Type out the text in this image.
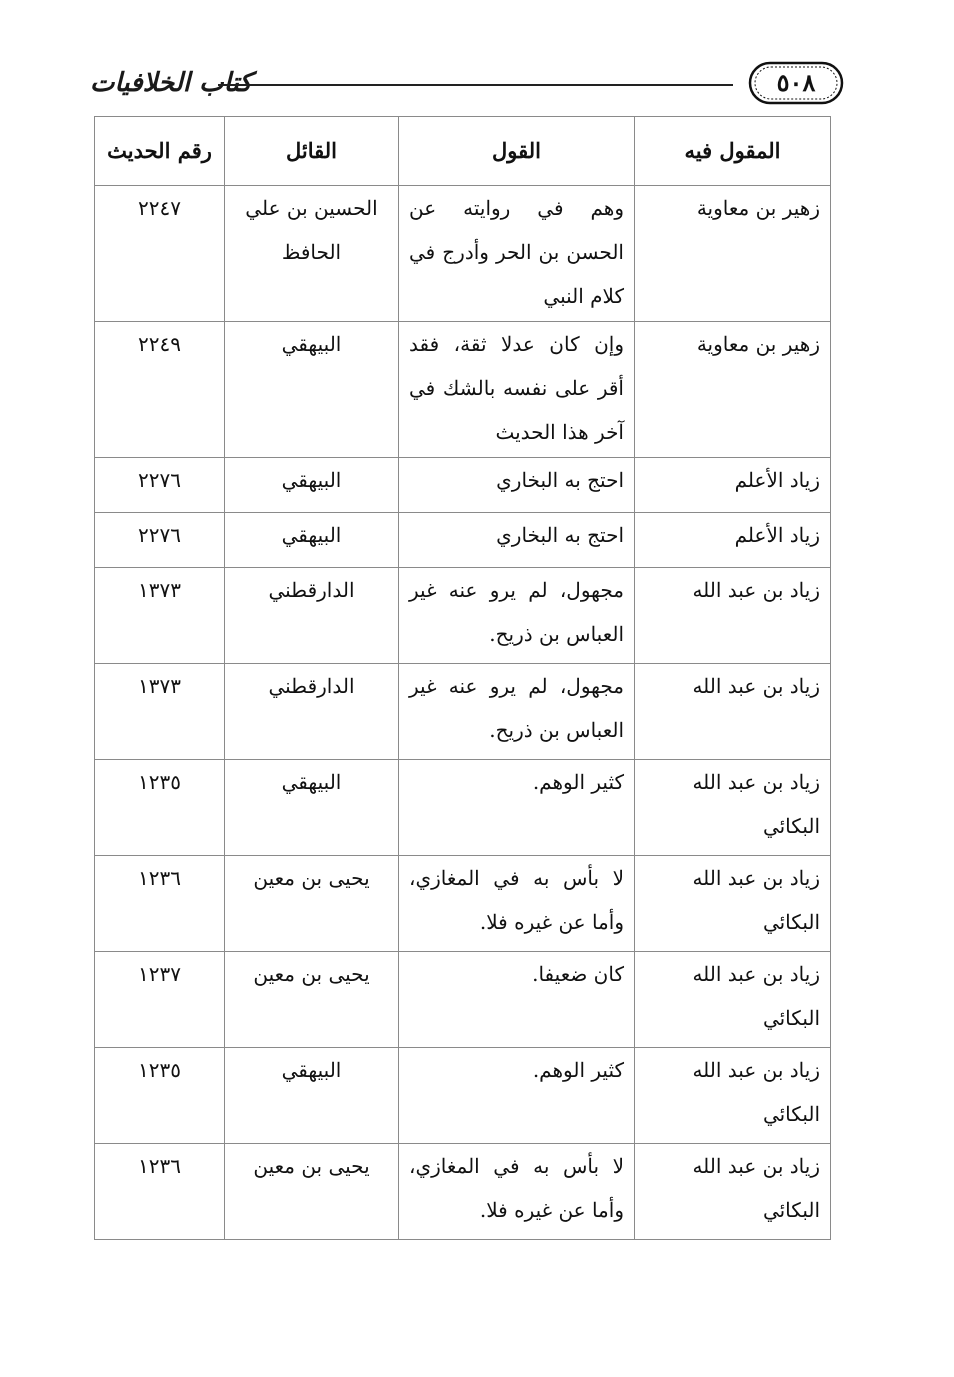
كتاب الخلافيات	٥٠٨
المقول فيه	القول	القائل	رقم الحديث
زهير بن معاوية	وهم في روايته عن الحسن بن الحر وأدرج في كلام النبي	الحسين بن علي الحافظ	٢٢٤٧
زهير بن معاوية	وإن كان عدلا ثقة، فقد أقر على نفسه بالشك في آخر هذا الحديث	البيهقي	٢٢٤٩
زياد الأعلم	احتج به البخاري	البيهقي	٢٢٧٦
زياد الأعلم	احتج به البخاري	البيهقي	٢٢٧٦
زياد بن عبد الله	مجهول، لم يرو عنه غير العباس بن ذريح.	الدارقطني	١٣٧٣
زياد بن عبد الله	مجهول، لم يرو عنه غير العباس بن ذريح.	الدارقطني	١٣٧٣
زياد بن عبد الله البكائي	كثير الوهم.	البيهقي	١٢٣٥
زياد بن عبد الله البكائي	لا بأس به في المغازي، وأما عن غيره فلا.	يحيى بن معين	١٢٣٦
زياد بن عبد الله البكائي	كان ضعيفا.	يحيى بن معين	١٢٣٧
زياد بن عبد الله البكائي	كثير الوهم.	البيهقي	١٢٣٥
زياد بن عبد الله البكائي	لا بأس به في المغازي، وأما عن غيره فلا.	يحيى بن معين	١٢٣٦
